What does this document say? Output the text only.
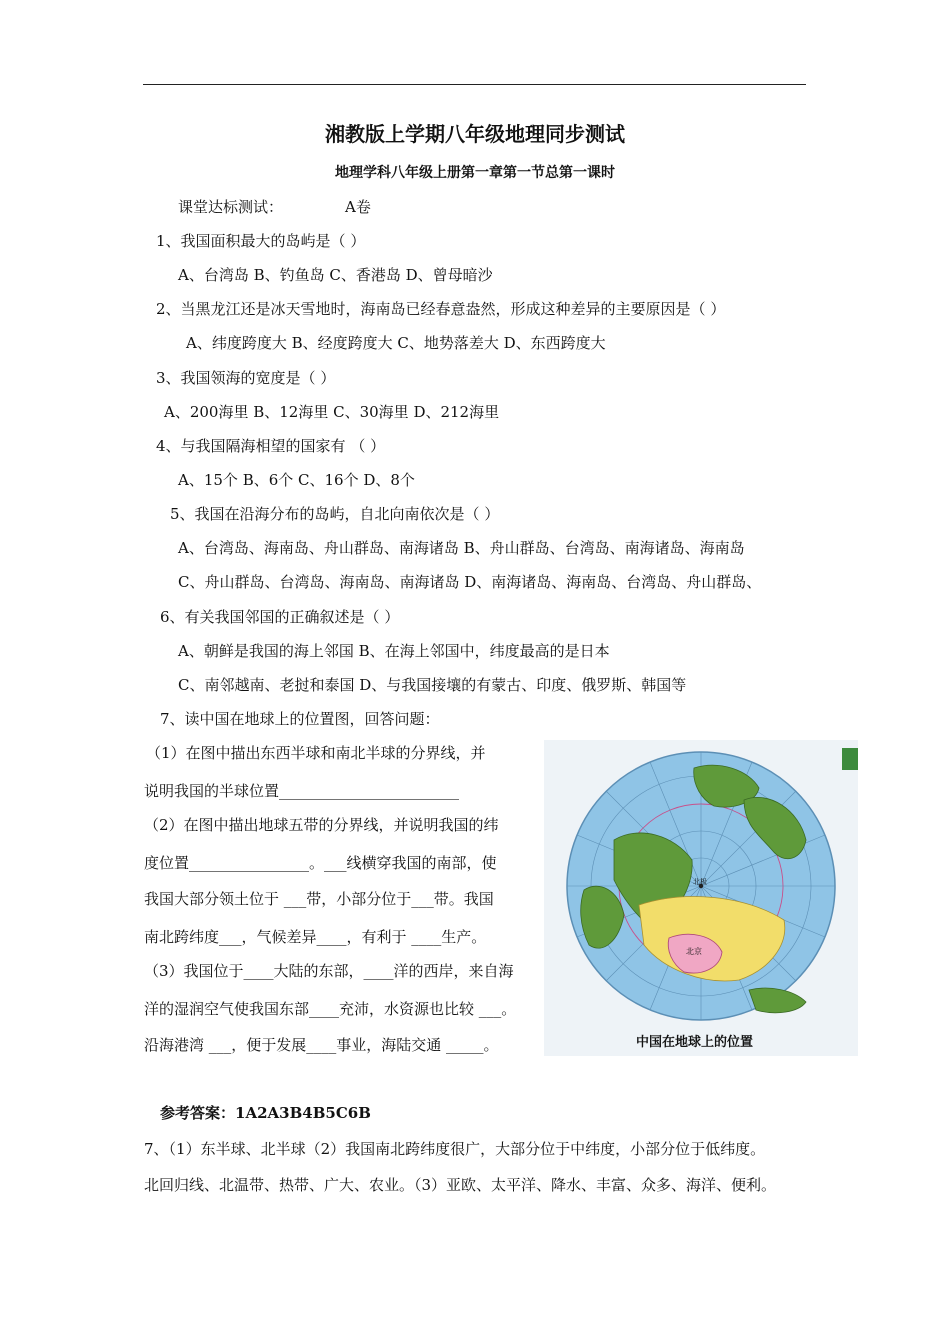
湘教版上学期八年级地理同步测试
地理学科八年级上册第一章第一节总第一课时
课堂达标测试：	A卷
1、我国面积最大的岛屿是（ ）
A、台湾岛 B、钓鱼岛 C、香港岛 D、曾母暗沙
2、当黑龙江还是冰天雪地时，海南岛已经春意盎然，形成这种差异的主要原因是（ ）
A、纬度跨度大 B、经度跨度大 C、地势落差大 D、东西跨度大
3、我国领海的宽度是（ ）
A、200海里 B、12海里 C、30海里 D、212海里
4、与我国隔海相望的国家有 （ ）
A、15个 B、6个 C、16个 D、8个
5、我国在沿海分布的岛屿，自北向南依次是（ ）
A、台湾岛、海南岛、舟山群岛、南海诸岛 B、舟山群岛、台湾岛、南海诸岛、海南岛
C、舟山群岛、台湾岛、海南岛、南海诸岛 D、南海诸岛、海南岛、台湾岛、舟山群岛、
6、有关我国邻国的正确叙述是（ ）
A、朝鲜是我国的海上邻国 B、在海上邻国中，纬度最高的是日本
C、南邻越南、老挝和泰国 D、与我国接壤的有蒙古、印度、俄罗斯、韩国等
7、读中国在地球上的位置图，回答问题：
（1）在图中描出东西半球和南北半球的分界线，并
说明我国的半球位置________________________
（2）在图中描出地球五带的分界线，并说明我国的纬
度位置________________。___线横穿我国的南部，使
我国大部分领土位于 ___带，小部分位于___带。我国
南北跨纬度___，气候差异____，有利于 ____生产。
（3）我国位于____大陆的东部，____洋的西岸，来自海
洋的湿润空气使我国东部____充沛，水资源也比较 ___。
沿海港湾 ___，便于发展____事业，海陆交通 _____。
北极
北京
中国在地球上的位置
参考答案：1A2A3B4B5C6B
7、（1）东半球、北半球（2）我国南北跨纬度很广，大部分位于中纬度，小部分位于低纬度。
北回归线、北温带、热带、广大、农业。（3）亚欧、太平洋、降水、丰富、众多、海洋、便利。
